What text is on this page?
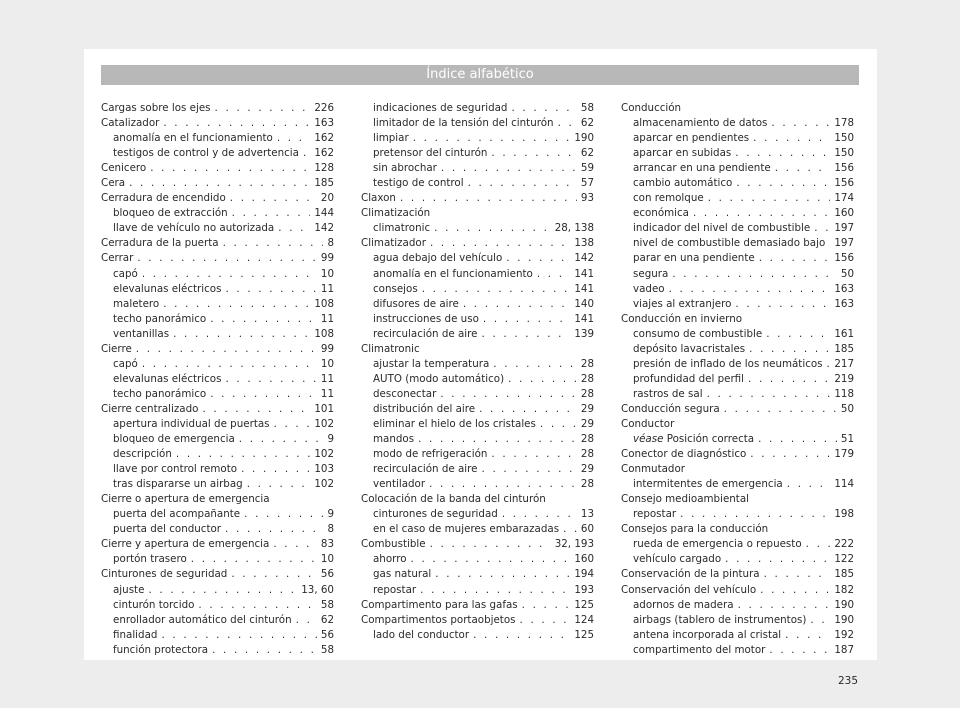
Índice alfabético
Cargas sobre los ejes . . .	226
Catalizador . . .	163
anomalía en el funcionamiento . . .	162
testigos de control y de advertencia . . . 162
Cenicero . . .	128
Cera . . .	185
Cerradura de encendido . . .	20
bloqueo de extracción . . .	144
llave de vehículo no autorizada . . .	142
Cerradura de la puerta . . .	8
Cerrar . . .	99
capó . . .	10
elevalunas eléctricos . . .	11
maletero . . .	108
techo panorámico . . .	11
ventanillas . . .	108
Cierre . . .	99
capó . . .	10
elevalunas eléctricos . . .	11
techo panorámico . . .	11
Cierre centralizado . . .	101
apertura individual de puertas . . .	102
bloqueo de emergencia . . .	9
descripción . . .	102
llave por control remoto . . .	103
tras dispararse un airbag . . .	102
Cierre o apertura de emergencia
puerta del acompañante . . .	9
puerta del conductor . . .	8
Cierre y apertura de emergencia . . .	83
portón trasero . . .	10
Cinturones de seguridad . . .	56
ajuste . . .	13, 60
cinturón torcido . . .	58
enrollador automático del cinturón . . .	62
finalidad . . .	56
función protectora . . .	58
indicaciones de seguridad . . .	58
limitador de la tensión del cinturón . . .	62
limpiar . . .	190
pretensor del cinturón . . .	62
sin abrochar . . .	59
testigo de control . . .	57
Claxon . . .	93
Climatización
climatronic . . .	28, 138
Climatizador . . .	138
agua debajo del vehículo . . .	142
anomalía en el funcionamiento . . .	141
consejos . . .	141
difusores de aire . . .	140
instrucciones de uso . . .	141
recirculación de aire . . .	139
Climatronic
ajustar la temperatura . . .	28
AUTO (modo automático) . . .	28
desconectar . . .	28
distribución del aire . . .	29
eliminar el hielo de los cristales . . .	29
mandos . . .	28
modo de refrigeración . . .	28
recirculación de aire . . .	29
ventilador . . .	28
Colocación de la banda del cinturón
cinturones de seguridad . . .	13
en el caso de mujeres embarazadas . . . 60
Combustible . . .	32, 193
ahorro . . .	160
gas natural . . .	194
repostar . . .	193
Compartimento para las gafas . . .	125
Compartimentos portaobjetos . . .	124
lado del conductor . . .	125
Conducción
almacenamiento de datos . . .	178
aparcar en pendientes . . .	150
aparcar en subidas . . .	150
arrancar en una pendiente . . .	156
cambio automático . . .	156
con remolque . . .	174
económica . . .	160
indicador del nivel de combustible . . . 197
nivel de combustible demasiado bajo . . . 197
parar en una pendiente . . .	156
segura . . .	50
vadeo . . .	163
viajes al extranjero . . .	163
Conducción en invierno
consumo de combustible . . .	161
depósito lavacristales . . .	185
presión de inflado de los neumáticos . . . 217
profundidad del perfil . . .	219
rastros de sal . . .	118
Conducción segura . . .	50
Conductor
véase Posición correcta . . .	51
Conector de diagnóstico . . .	179
Conmutador
intermitentes de emergencia . . .	114
Consejo medioambiental
repostar . . .	198
Consejos para la conducción
rueda de emergencia o repuesto . . .	222
vehículo cargado . . .	122
Conservación de la pintura . . .	185
Conservación del vehículo . . .	182
adornos de madera . . .	190
airbags (tablero de instrumentos) . . .	190
antena incorporada al cristal . . .	192
compartimento del motor . . .	187
235
